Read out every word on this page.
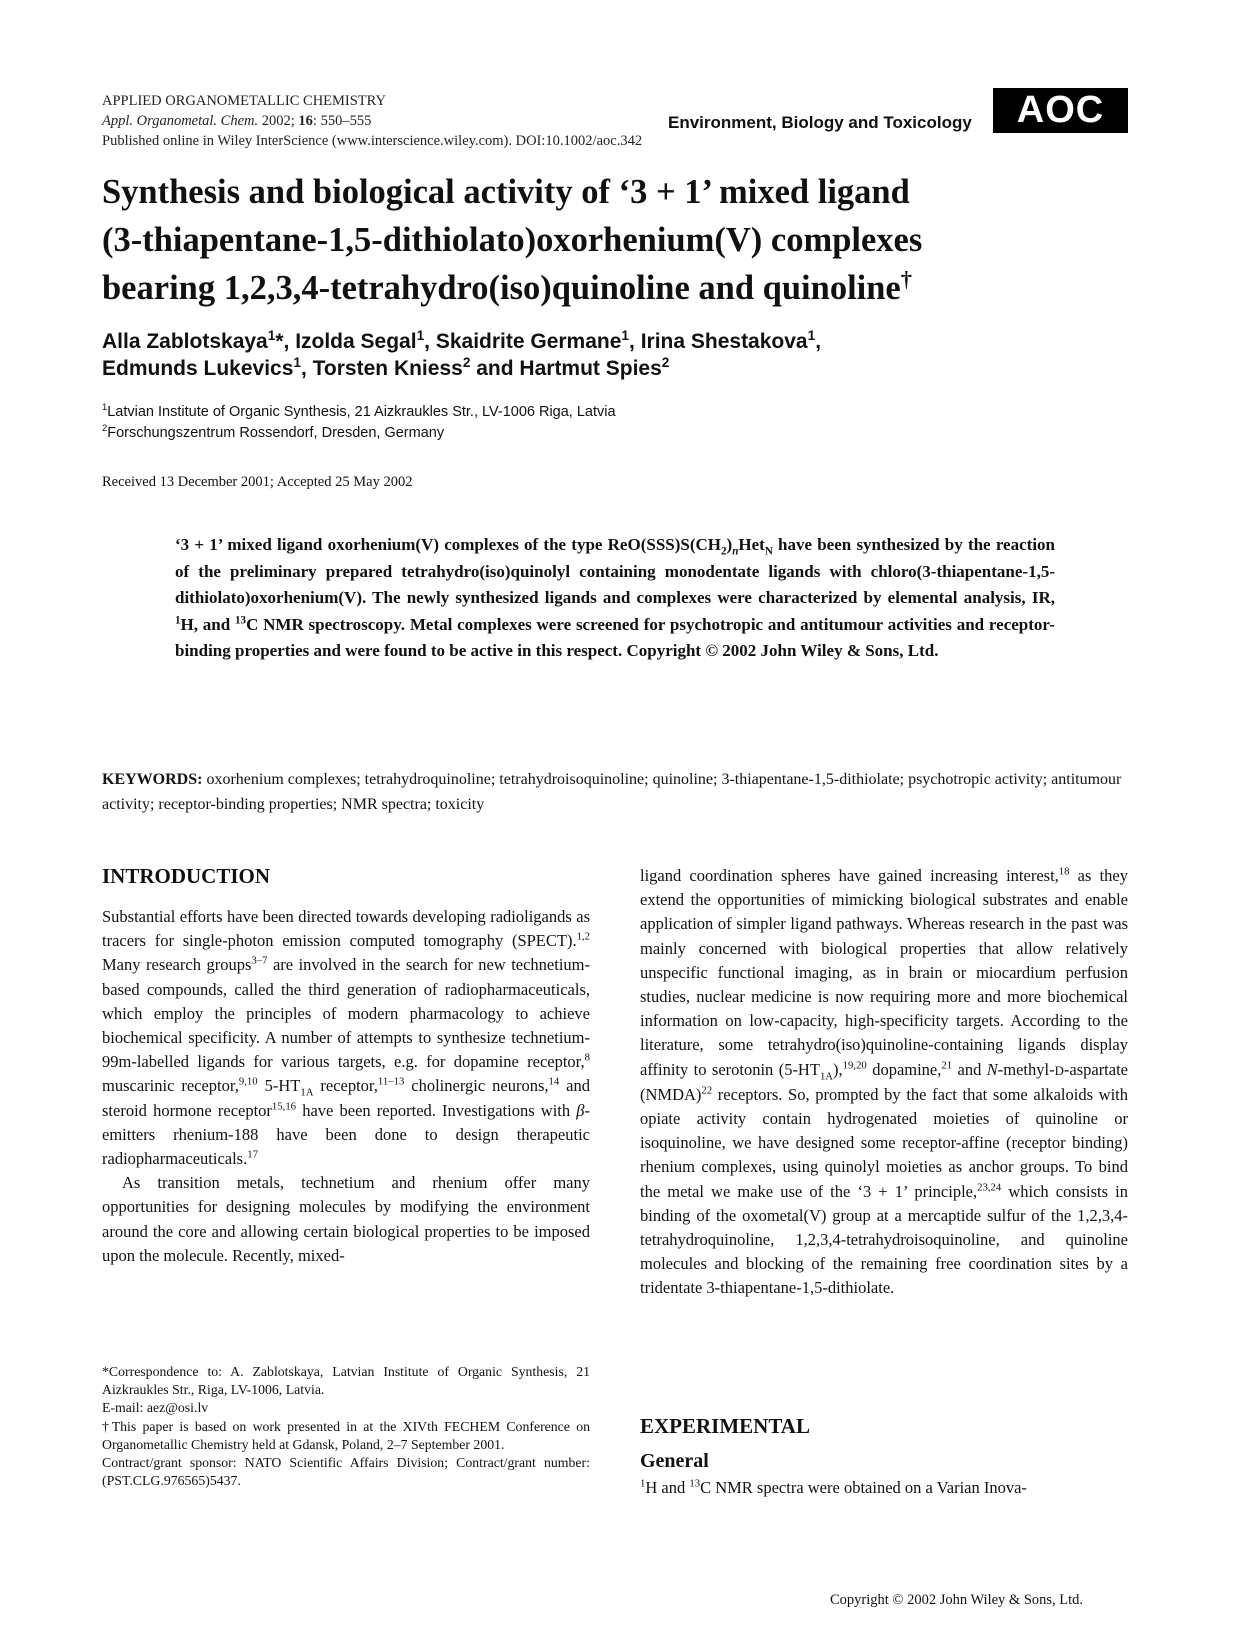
APPLIED ORGANOMETALLIC CHEMISTRY
Appl. Organometal. Chem. 2002; 16: 550–555
Published online in Wiley InterScience (www.interscience.wiley.com). DOI:10.1002/aoc.342
Environment, Biology and Toxicology	AOC
Synthesis and biological activity of ‘3 + 1’ mixed ligand
(3-thiapentane-1,5-dithiolato)oxorhenium(V) complexes
bearing 1,2,3,4-tetrahydro(iso)quinoline and quinoline†
Alla Zablotskaya$^1$*, Izolda Segal$^1$, Skaidrite Germane$^1$, Irina Shestakova$^1$,
Edmunds Lukevics$^1$, Torsten Kniess$^2$ and Hartmut Spies$^2$
$^1$Latvian Institute of Organic Synthesis, 21 Aizkraukles Str., LV-1006 Riga, Latvia
$^2$Forschungszentrum Rossendorf, Dresden, Germany
Received 13 December 2001; Accepted 25 May 2002
‘3 + 1’ mixed ligand oxorhenium(V) complexes of the type $ReO(SSS)S(CH_2)_nHet_N$ have been synthesized by the reaction of the preliminary prepared tetrahydro(iso)quinolyl containing monodentate ligands with chloro(3-thiapentane-1,5-dithiolato)oxorhenium(V). The newly synthesized ligands and complexes were characterized by elemental analysis, IR, $^1$H, and $^{13}$C NMR spectroscopy. Metal complexes were screened for psychotropic and antitumour activities and receptor-binding properties and were found to be active in this respect. Copyright © 2002 John Wiley & Sons, Ltd.
KEYWORDS: oxorhenium complexes; tetrahydroquinoline; tetrahydroisoquinoline; quinoline; 3-thiapentane-1,5-dithiolate; psychotropic activity; antitumour activity; receptor-binding properties; NMR spectra; toxicity
INTRODUCTION

Substantial efforts have been directed towards developing radioligands as tracers for single-photon emission computed tomography (SPECT).$^{1,2}$ Many research groups$^{3-7}$ are involved in the search for new technetium-based compounds, called the third generation of radiopharmaceuticals, which employ the principles of modern pharmacology to achieve biochemical specificity. A number of attempts to synthesize technetium-99m-labelled ligands for various targets, e.g. for dopamine receptor,$^8$ muscarinic receptor,$^{9,10}$ $5-HT_{1A}$ receptor,$^{11-13}$ cholinergic neurons,$^{14}$ and steroid hormone receptor$^{15,16}$ have been reported. Investigations with β-emitters rhenium-188 have been done to design therapeutic radiopharmaceuticals.$^{17}$

As transition metals, technetium and rhenium offer many opportunities for designing molecules by modifying the environment around the core and allowing certain biological properties to be imposed upon the molecule. Recently, mixed-

*Correspondence to: A. Zablotskaya, Latvian Institute of Organic Synthesis, 21 Aizkraukles Str., Riga, LV-1006, Latvia.

E-mail: aez@osi.lv

†This paper is based on work presented in at the XIVth FECHEM Conference on Organometallic Chemistry held at Gdansk, Poland, 2–7 September 2001.

Contract/grant sponsor: NATO Scientific Affairs Division; Contract/grant number: (PST.CLG.976565)5437.

ligand coordination spheres have gained increasing interest,$^{18}$ as they extend the opportunities of mimicking biological substrates and enable application of simpler ligand pathways. Whereas research in the past was mainly concerned with biological properties that allow relatively unspecific functional imaging, as in brain or miocardium perfusion studies, nuclear medicine is now requiring more and more biochemical information on low-capacity, high-specificity targets. According to the literature, some tetrahydro(iso)quinoline-containing ligands display affinity to serotonin $(5-HT_{1A}),^{19,20}$ dopamine,$^{21}$ and N-methyl-D-aspartate (NMDA)$^{22}$ receptors. So, prompted by the fact that some alkaloids with opiate activity contain hydrogenated moieties of quinoline or isoquinoline, we have designed some receptor-affine (receptor binding) rhenium complexes, using quinolyl moieties as anchor groups. To bind the metal we make use of the ‘3 + 1’ principle,$^{23,24}$ which consists in binding of the oxometal(V) group at a mercaptide sulfur of the 1,2,3,4-tetrahydroquinoline, 1,2,3,4-tetrahydroisoquinoline, and quinoline molecules and blocking of the remaining free coordination sites by a tridentate 3-thiapentane-1,5-dithiolate.

EXPERIMENTAL
General
$^1$H and $^{13}$C NMR spectra were obtained on a Varian Inova-
Copyright © 2002 John Wiley & Sons, Ltd.
